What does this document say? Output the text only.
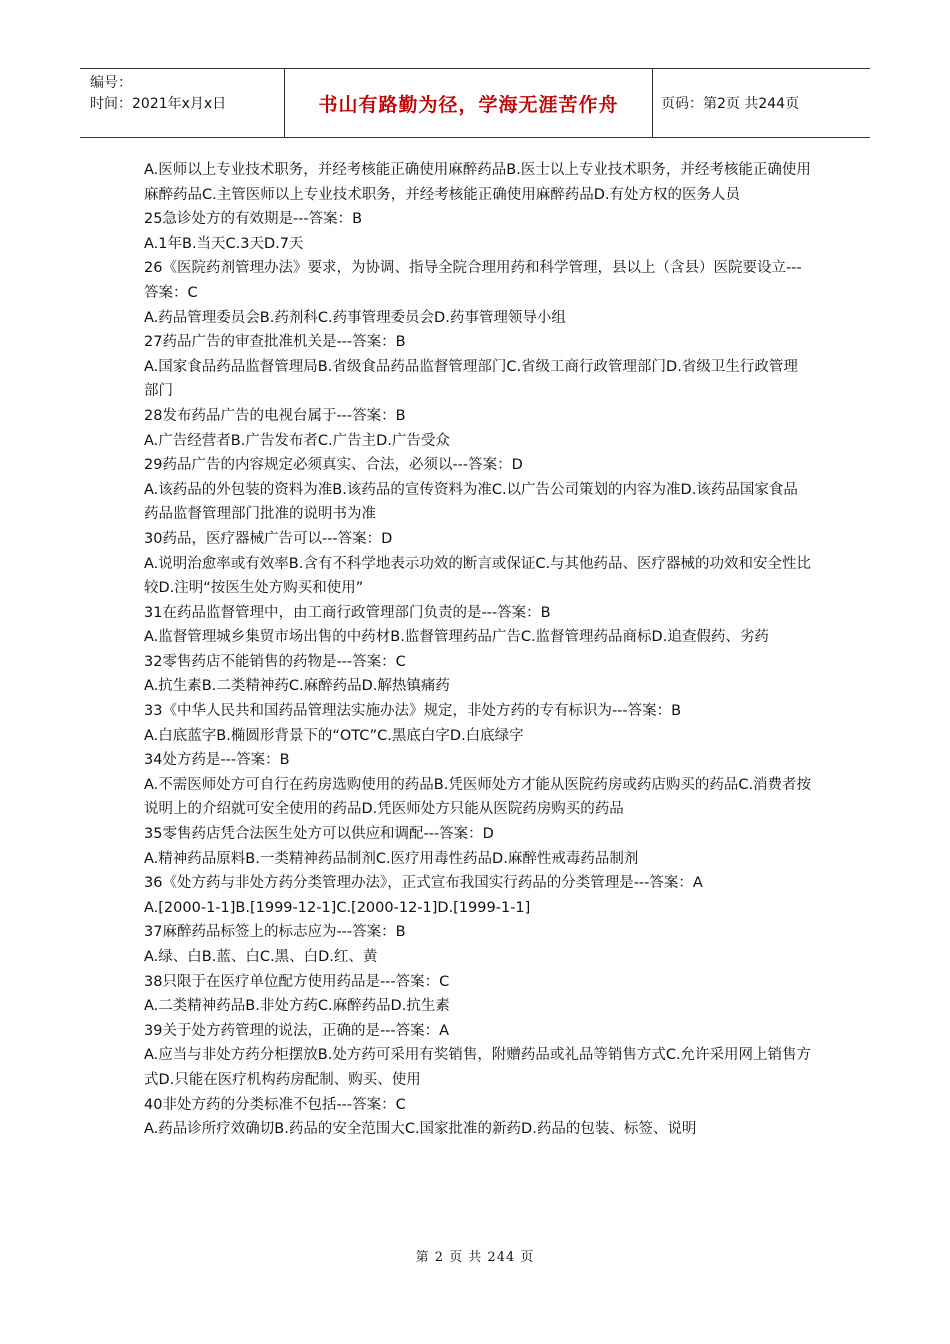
编号：
时间：2021年x月x日	书山有路勤为径，学海无涯苦作舟	页码：第2页 共244页

A.医师以上专业技术职务，并经考核能正确使用麻醉药品B.医士以上专业技术职务，并经考核能正确使用麻醉药品C.主管医师以上专业技术职务，并经考核能正确使用麻醉药品D.有处方权的医务人员

25急诊处方的有效期是---答案：B

A.1年B.当天C.3天D.7天

26《医院药剂管理办法》要求，为协调、指导全院合理用药和科学管理，县以上（含县）医院要设立---答案：C

A.药品管理委员会B.药剂科C.药事管理委员会D.药事管理领导小组

27药品广告的审查批准机关是---答案：B

A.国家食品药品监督管理局B.省级食品药品监督管理部门C.省级工商行政管理部门D.省级卫生行政管理部门

28发布药品广告的电视台属于---答案：B

A.广告经营者B.广告发布者C.广告主D.广告受众

29药品广告的内容规定必须真实、合法，必须以---答案：D

A.该药品的外包装的资料为准B.该药品的宣传资料为准C.以广告公司策划的内容为准D.该药品国家食品药品监督管理部门批准的说明书为准

30药品，医疗器械广告可以---答案：D

A.说明治愈率或有效率B.含有不科学地表示功效的断言或保证C.与其他药品、医疗器械的功效和安全性比较D.注明“按医生处方购买和使用”

31在药品监督管理中，由工商行政管理部门负责的是---答案：B

A.监督管理城乡集贸市场出售的中药材B.监督管理药品广告C.监督管理药品商标D.追查假药、劣药

32零售药店不能销售的药物是---答案：C

A.抗生素B.二类精神药C.麻醉药品D.解热镇痛药

33《中华人民共和国药品管理法实施办法》规定，非处方药的专有标识为---答案：B

A.白底蓝字B.椭圆形背景下的“OTC”C.黑底白字D.白底绿字

34处方药是---答案：B

A.不需医师处方可自行在药房选购使用的药品B.凭医师处方才能从医院药房或药店购买的药品C.消费者按说明上的介绍就可安全使用的药品D.凭医师处方只能从医院药房购买的药品

35零售药店凭合法医生处方可以供应和调配---答案：D

A.精神药品原料B.一类精神药品制剂C.医疗用毒性药品D.麻醉性戒毒药品制剂

36《处方药与非处方药分类管理办法》，正式宣布我国实行药品的分类管理是---答案：A

A.[2000-1-1]B.[1999-12-1]C.[2000-12-1]D.[1999-1-1]

37麻醉药品标签上的标志应为---答案：B

A.绿、白B.蓝、白C.黑、白D.红、黄

38只限于在医疗单位配方使用药品是---答案：C

A.二类精神药品B.非处方药C.麻醉药品D.抗生素

39关于处方药管理的说法，正确的是---答案：A

A.应当与非处方药分柜摆放B.处方药可采用有奖销售，附赠药品或礼品等销售方式C.允许采用网上销售方式D.只能在医疗机构药房配制、购买、使用

40非处方药的分类标准不包括---答案：C

A.药品诊所疗效确切B.药品的安全范围大C.国家批准的新药D.药品的包装、标签、说明

第 2 页 共 244 页
